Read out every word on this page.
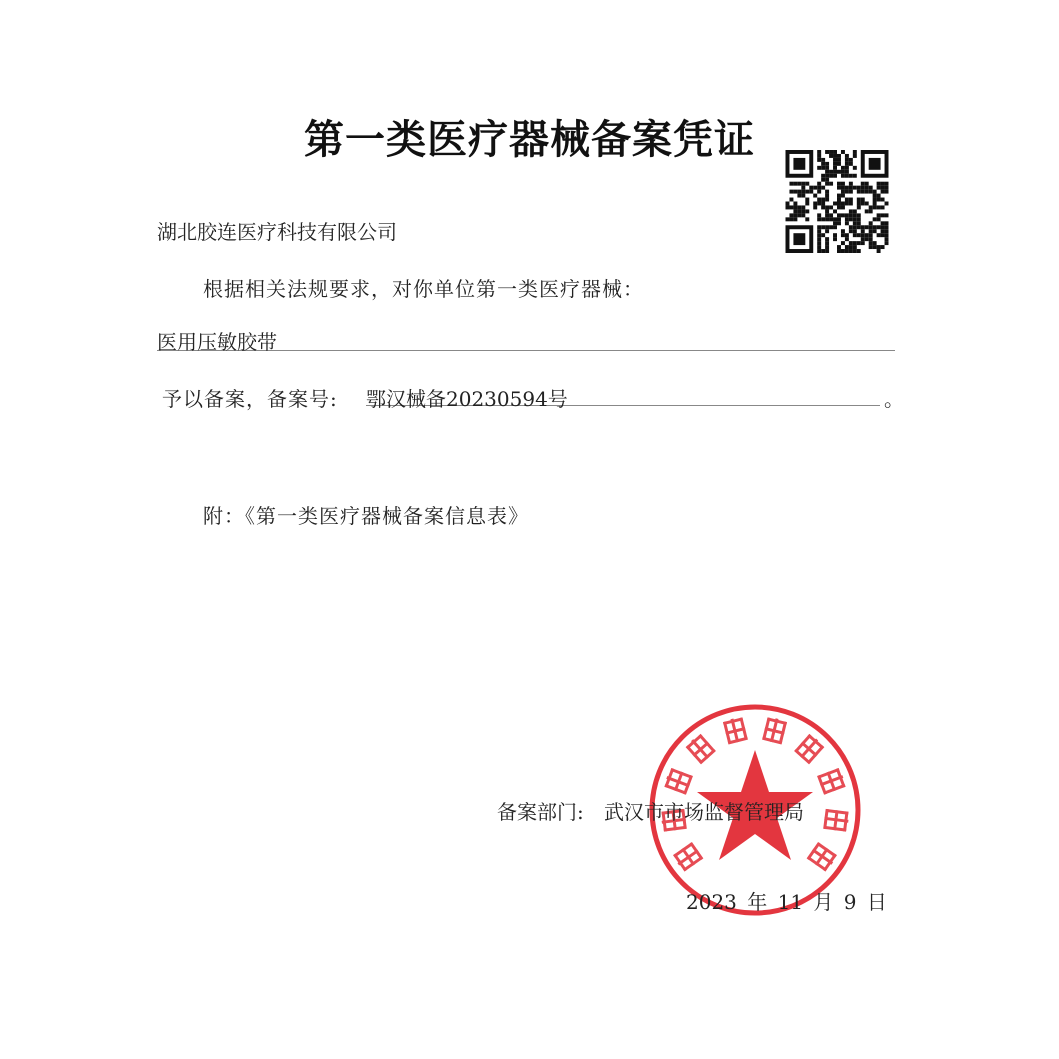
第一类医疗器械备案凭证
湖北胶连医疗科技有限公司
根据相关法规要求，对你单位第一类医疗器械：
医用压敏胶带
予以备案，备案号: 鄂汉械备20230594号	。
附：《第一类医疗器械备案信息表》
备案部门: 武汉市市场监督管理局
2023 年 11 月 9 日
